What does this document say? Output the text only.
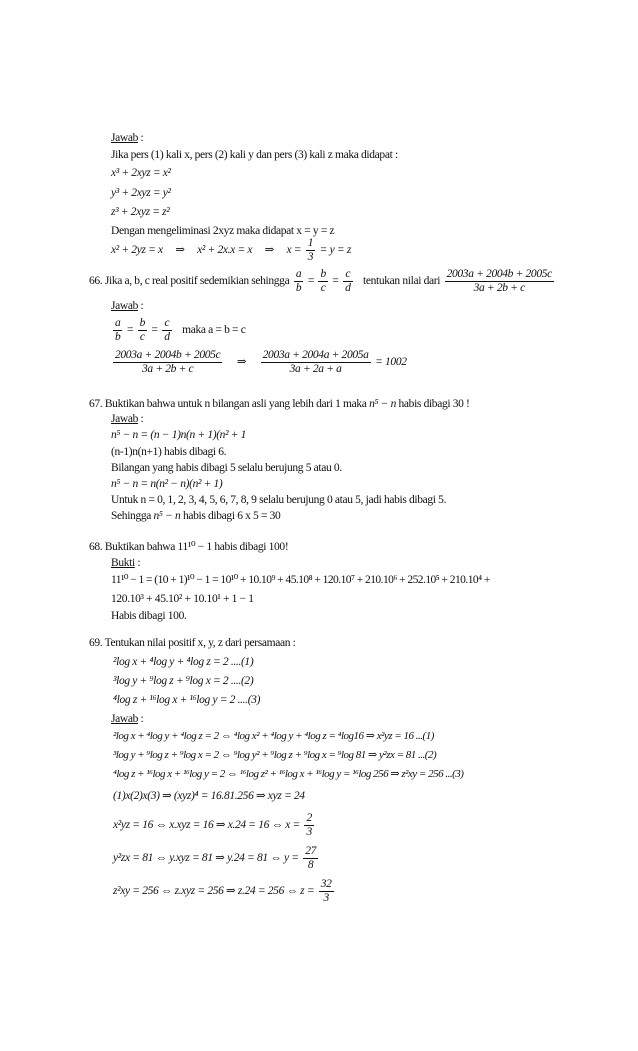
Jawab :
Jika pers (1) kali x, pers (2) kali y dan pers (3) kali z maka didapat :
x³ + 2xyz = x²
y³ + 2xyz = y²
z³ + 2xyz = z²
Dengan mengeliminasi 2xyz maka didapat x = y = z
x² + 2yz = x ⇒ x² + 2x.x = x ⇒ $x = \frac{1}{3} = y = z$
66. Jika a, b, c real positif sedemikian sehingga $\frac{a}{b} = \frac{b}{c} = \frac{c}{d}$ tentukan nilai dari $\frac{2003a + 2004b + 2005c}{3a + 2b + c}$
Jawab :
$\frac{a}{b} = \frac{b}{c} = \frac{c}{d}$ maka a = b = c
$\frac{2003a + 2004b + 2005c}{3a + 2b + c}$ ⇒ $\frac{2003a + 2004a + 2005a}{3a + 2a + a} = 1002$
67. Buktikan bahwa untuk n bilangan asli yang lebih dari 1 maka n⁵ − n habis dibagi 30 !
Jawab :
n⁵ − n = (n − 1)n(n + 1)(n² + 1
(n-1)n(n+1) habis dibagi 6.
Bilangan yang habis dibagi 5 selalu berujung 5 atau 0.
n⁵ − n = n(n² − n)(n² + 1)
Untuk n = 0, 1, 2, 3, 4, 5, 6, 7, 8, 9 selalu berujung 0 atau 5, jadi habis dibagi 5.
Sehingga n⁵ − n habis dibagi 6 x 5 = 30
68. Buktikan bahwa 11¹⁰ − 1 habis dibagi 100!
Bukti :
11¹⁰ − 1 = (10 + 1)¹⁰ − 1 = 10¹⁰ + 10.10⁹ + 45.10⁸ + 120.10⁷ + 210.10⁶ + 252.10⁵ + 210.10⁴ +
120.10³ + 45.10² + 10.10¹ + 1 − 1
Habis dibagi 100.
69. Tentukan nilai positif x, y, z dari persamaan :
²log x + ⁴log y + ⁴log z = 2 ....(1)
³log y + ⁹log z + ⁹log x = 2 ....(2)
⁴log z + ¹⁶log x + ¹⁶log y = 2 ....(3)
Jawab :
²log x + ⁴log y + ⁴log z = 2 ⇔ ⁴log x² + ⁴log y + ⁴log z = ⁴log16 ⇒ x²yz = 16 ...(1)
³log y + ⁹log z + ⁹log x = 2 ⇔ ⁹log y² + ⁹log z + ⁹log x = ⁹log 81 ⇒ y²zx = 81 ...(2)
⁴log z + ¹⁶log x + ¹⁶log y = 2 ⇔ ¹⁶log z² + ¹⁶log x + ¹⁶log y = ¹⁶log 256 ⇒ z²xy = 256 ...(3)
(1)x(2)x(3) ⇒ (xyz)⁴ = 16.81.256 ⇒ xyz = 24
x²yz = 16 ⇔ x.xyz = 16 ⇒ x.24 = 16 ⇔ $x = \frac{2}{3}$
y²zx = 81 ⇔ y.xyz = 81 ⇒ y.24 = 81 ⇔ $y = \frac{27}{8}$
z²xy = 256 ⇔ z.xyz = 256 ⇒ z.24 = 256 ⇔ $z = \frac{32}{3}$
